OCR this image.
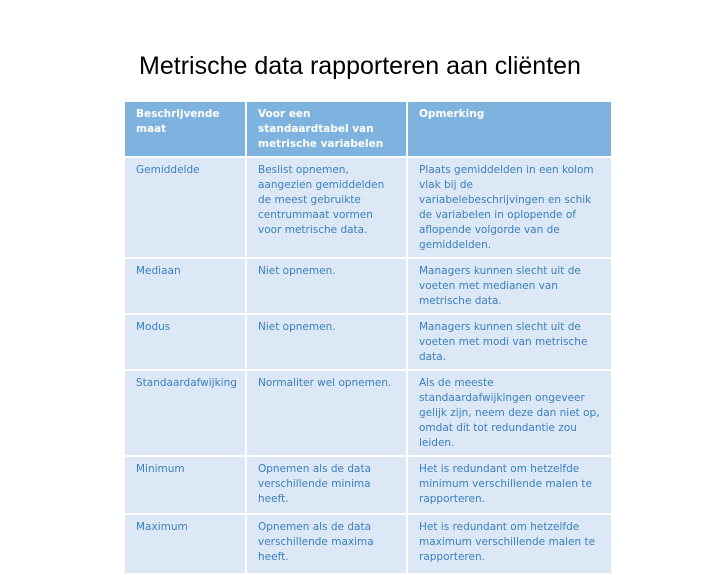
Metrische data rapporteren aan cliënten
Beschrijvende maat	Voor een standaardtabel van metrische variabelen	Opmerking
Gemiddelde	Beslist opnemen, aangezien gemiddelden de meest gebruikte centrummaat vormen voor metrische data.	Plaats gemiddelden in een kolom vlak bij de variabelebeschrijvingen en schik de variabelen in oplopende of aflopende volgorde van de gemiddelden.
Mediaan	Niet opnemen.	Managers kunnen slecht uit de voeten met medianen van metrische data.
Modus	Niet opnemen.	Managers kunnen slecht uit de voeten met modi van metrische data.
Standaardafwijking	Normaliter wel opnemen.	Als de meeste standaardafwijkingen ongeveer gelijk zijn, neem deze dan niet op, omdat dit tot redundantie zou leiden.
Minimum	Opnemen als de data verschillende minima heeft.	Het is redundant om hetzelfde minimum verschillende malen te rapporteren.
Maximum	Opnemen als de data verschillende maxima heeft.	Het is redundant om hetzelfde maximum verschillende malen te rapporteren.
